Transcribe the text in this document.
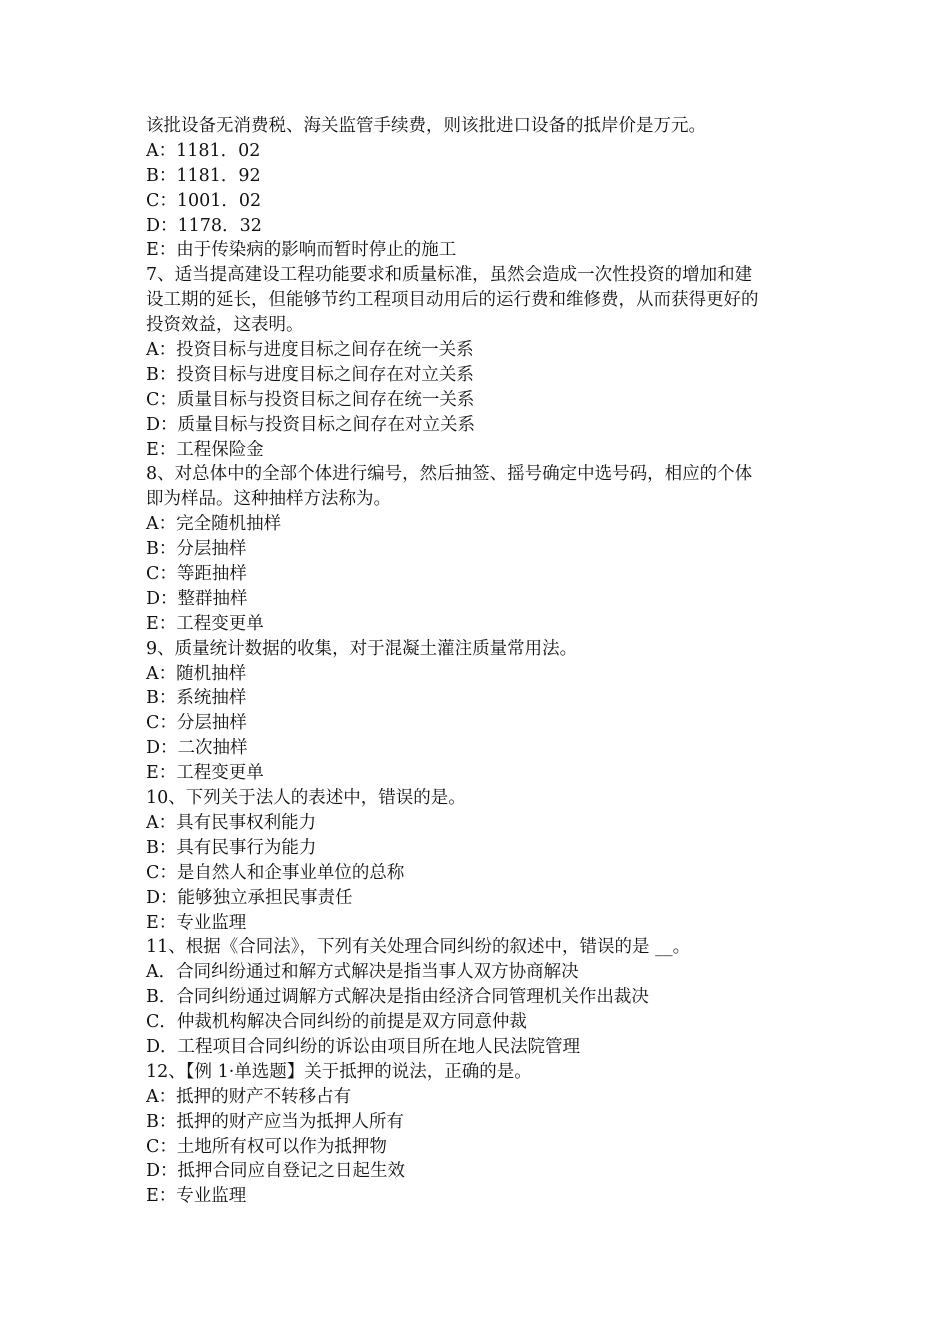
该批设备无消费税、海关监管手续费，则该批进口设备的抵岸价是万元。
A：1181．02
B：1181．92
C：1001．02
D：1178．32
E：由于传染病的影响而暂时停止的施工
7、适当提高建设工程功能要求和质量标准，虽然会造成一次性投资的增加和建
设工期的延长，但能够节约工程项目动用后的运行费和维修费，从而获得更好的
投资效益，这表明。
A：投资目标与进度目标之间存在统一关系
B：投资目标与进度目标之间存在对立关系
C：质量目标与投资目标之间存在统一关系
D：质量目标与投资目标之间存在对立关系
E：工程保险金
8、对总体中的全部个体进行编号，然后抽签、摇号确定中选号码，相应的个体
即为样品。这种抽样方法称为。
A：完全随机抽样
B：分层抽样
C：等距抽样
D：整群抽样
E：工程变更单
9、质量统计数据的收集，对于混凝土灌注质量常用法。
A：随机抽样
B：系统抽样
C：分层抽样
D：二次抽样
E：工程变更单
10、下列关于法人的表述中，错误的是。
A：具有民事权利能力
B：具有民事行为能力
C：是自然人和企事业单位的总称
D：能够独立承担民事责任
E：专业监理
11、根据《合同法》，下列有关处理合同纠纷的叙述中，错误的是 __。
A．合同纠纷通过和解方式解决是指当事人双方协商解决
B．合同纠纷通过调解方式解决是指由经济合同管理机关作出裁决
C．仲裁机构解决合同纠纷的前提是双方同意仲裁
D．工程项目合同纠纷的诉讼由项目所在地人民法院管理
12、【例 1·单选题】关于抵押的说法，正确的是。
A：抵押的财产不转移占有
B：抵押的财产应当为抵押人所有
C：土地所有权可以作为抵押物
D：抵押合同应自登记之日起生效
E：专业监理
